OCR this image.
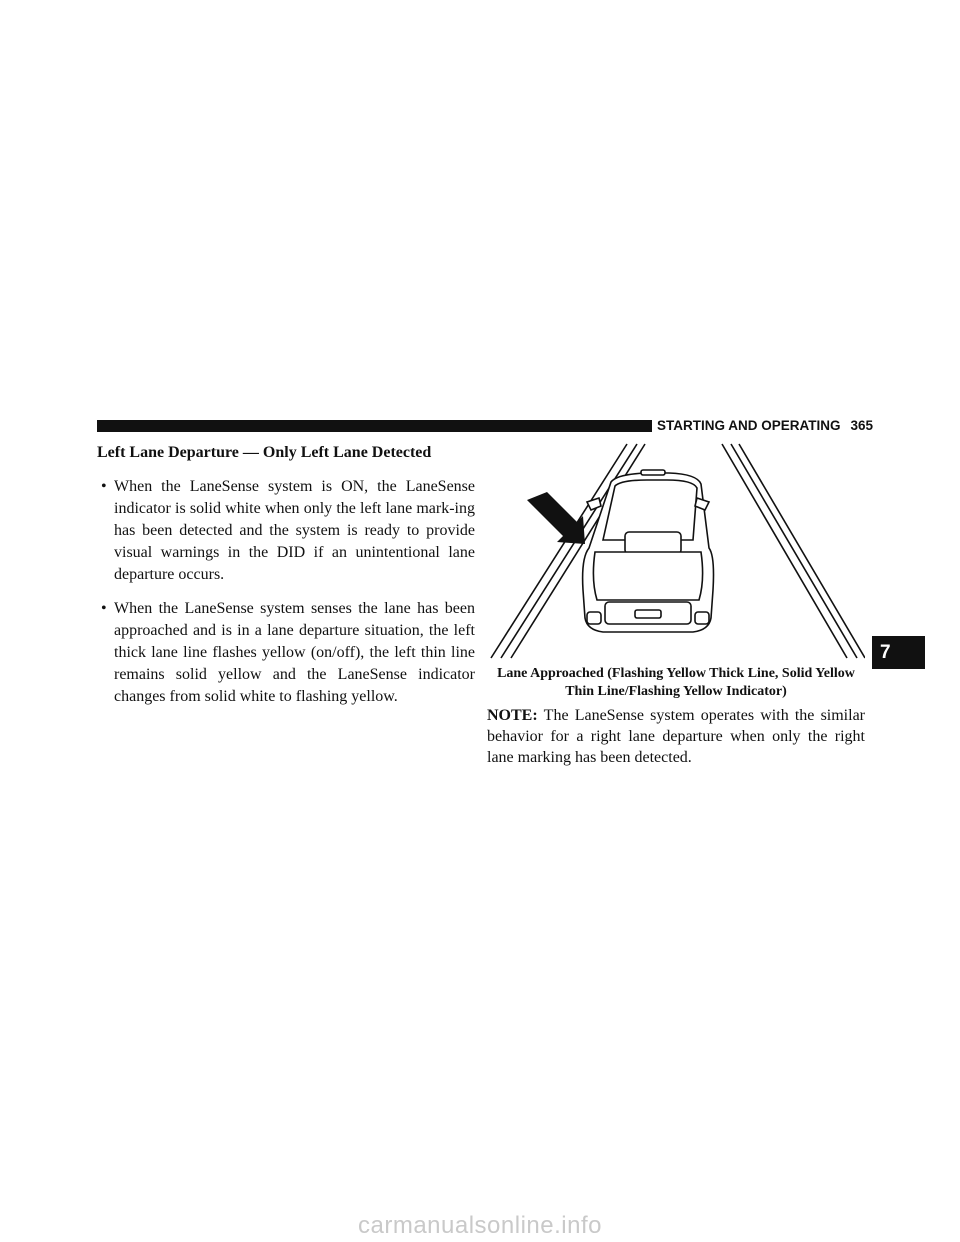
STARTING AND OPERATING 365
Left Lane Departure — Only Left Lane Detected
• When the LaneSense system is ON, the LaneSense indicator is solid white when only the left lane mark-ing has been detected and the system is ready to provide visual warnings in the DID if an unintentional lane departure occurs.
• When the LaneSense system senses the lane has been approached and is in a lane departure situation, the left thick lane line flashes yellow (on/off), the left thin line remains solid yellow and the LaneSense indicator changes from solid white to flashing yellow.
Lane Approached (Flashing Yellow Thick Line, Solid Yellow Thin Line/Flashing Yellow Indicator)
NOTE: The LaneSense system operates with the similar behavior for a right lane departure when only the right lane marking has been detected.
7
carmanualsonline.info
